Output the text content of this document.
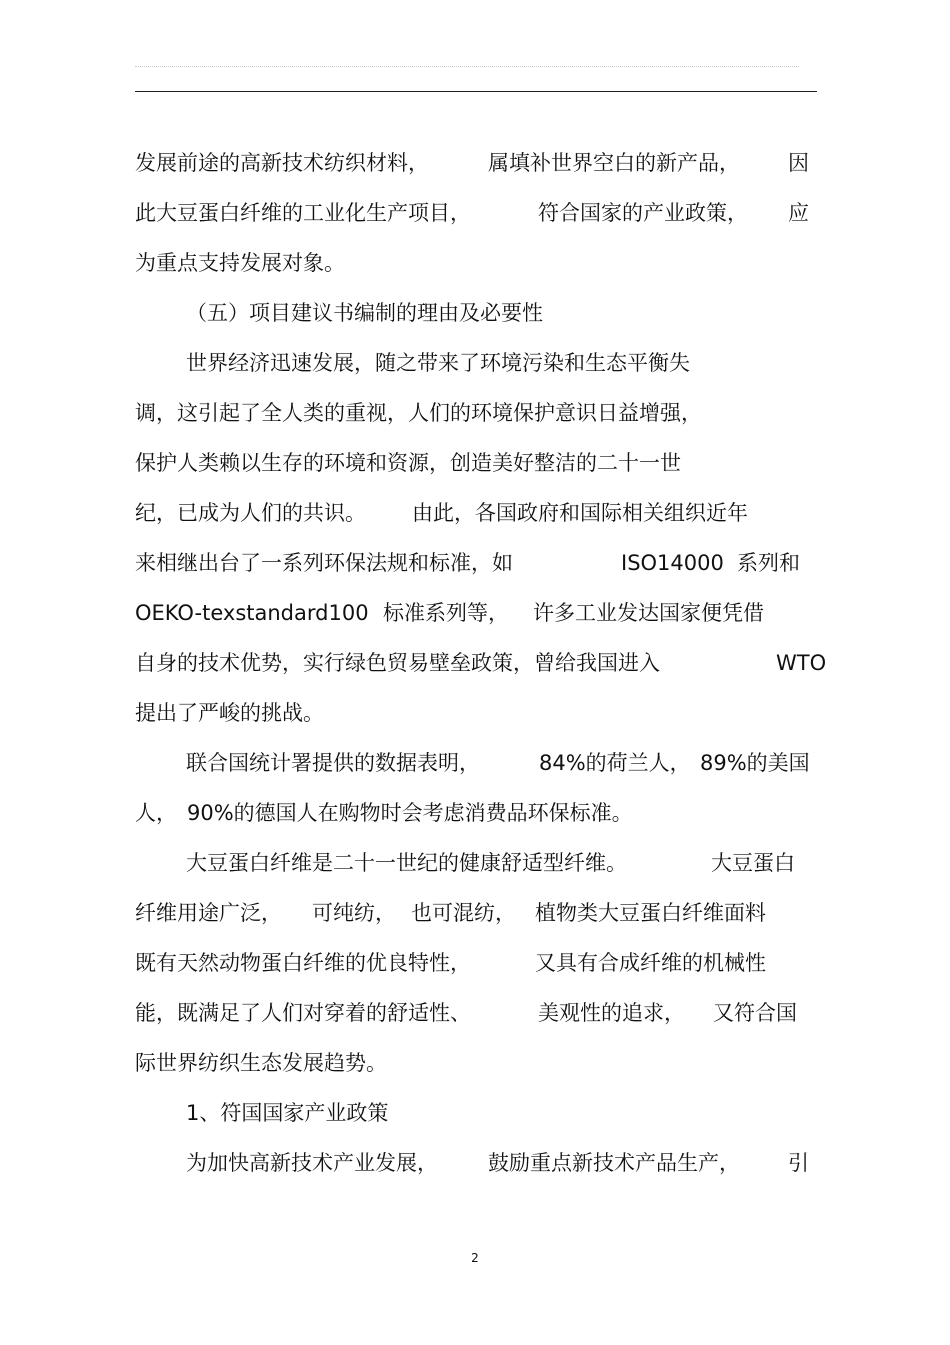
发展前途的高新技术纺织材料，	属填补世界空白的新产品， 因
此大豆蛋白纤维的工业化生产项目，	符合国家的产业政策， 应
为重点支持发展对象。
（五）项目建议书编制的理由及必要性
世界经济迅速发展，随之带来了环境污染和生态平衡失
调，这引起了全人类的重视，人们的环境保护意识日益增强，
保护人类赖以生存的环境和资源，创造美好整洁的二十一世
纪，已成为人们的共识。 由此，各国政府和国际相关组织近年
来相继出台了一系列环保法规和标准，如	ISO14000 系列和
OEKO-texstandard100 标准系列等， 许多工业发达国家便凭借
自身的技术优势，实行绿色贸易壁垒政策，曾给我国进入	WTO
提出了严峻的挑战。
联合国统计署提供的数据表明，	84%的荷兰人， 89%的美国
人， 90%的德国人在购物时会考虑消费品环保标准。
大豆蛋白纤维是二十一世纪的健康舒适型纤维。	大豆蛋白
纤维用途广泛， 可纯纺， 也可混纺， 植物类大豆蛋白纤维面料
既有天然动物蛋白纤维的优良特性，	又具有合成纤维的机械性
能，既满足了人们对穿着的舒适性、	美观性的追求， 又符合国
际世界纺织生态发展趋势。
1、符国国家产业政策
为加快高新技术产业发展， 鼓励重点新技术产品生产， 引
2
